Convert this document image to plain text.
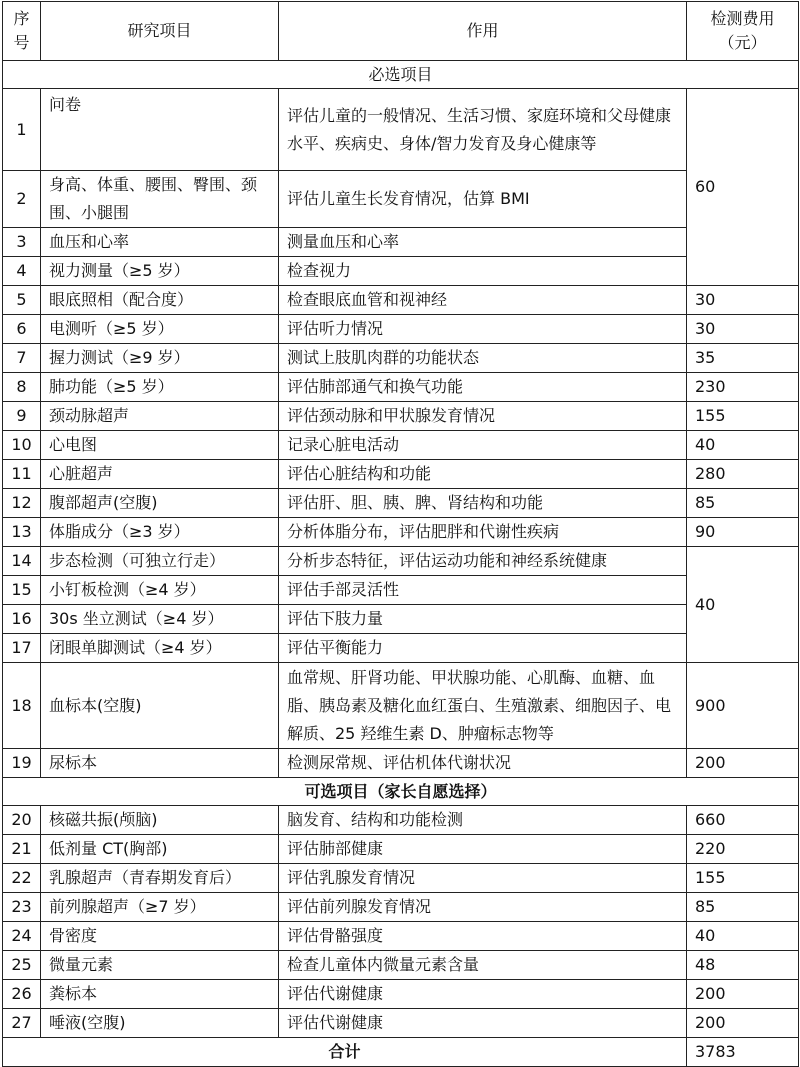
序号	研究项目	作用	检测费用（元）
必选项目			
1	问卷	评估儿童的一般情况、生活习惯、家庭环境和父母健康水平、疾病史、身体/智力发育及身心健康等	60
2	身高、体重、腰围、臀围、颈围、小腿围	评估儿童生长发育情况，估算 BMI	
3	血压和心率	测量血压和心率	
4	视力测量（≥5 岁）	检查视力	
5	眼底照相（配合度）	检查眼底血管和视神经	30
6	电测听（≥5 岁）	评估听力情况	30
7	握力测试（≥9 岁）	测试上肢肌肉群的功能状态	35
8	肺功能（≥5 岁）	评估肺部通气和换气功能	230
9	颈动脉超声	评估颈动脉和甲状腺发育情况	155
10	心电图	记录心脏电活动	40
11	心脏超声	评估心脏结构和功能	280
12	腹部超声(空腹)	评估肝、胆、胰、脾、肾结构和功能	85
13	体脂成分（≥3 岁）	分析体脂分布，评估肥胖和代谢性疾病	90
14	步态检测（可独立行走）	分析步态特征，评估运动功能和神经系统健康	40
15	小钉板检测（≥4 岁）	评估手部灵活性	
16	30s 坐立测试（≥4 岁）	评估下肢力量	
17	闭眼单脚测试（≥4 岁）	评估平衡能力	
18	血标本(空腹)	血常规、肝肾功能、甲状腺功能、心肌酶、血糖、血脂、胰岛素及糖化血红蛋白、生殖激素、细胞因子、电解质、25 羟维生素 D、肿瘤标志物等	900
19	尿标本	检测尿常规、评估机体代谢状况	200
可选项目（家长自愿选择）			
20	核磁共振(颅脑)	脑发育、结构和功能检测	660
21	低剂量 CT(胸部)	评估肺部健康	220
22	乳腺超声（青春期发育后）	评估乳腺发育情况	155
23	前列腺超声（≥7 岁）	评估前列腺发育情况	85
24	骨密度	评估骨骼强度	40
25	微量元素	检查儿童体内微量元素含量	48
26	粪标本	评估代谢健康	200
27	唾液(空腹)	评估代谢健康	200
合计			3783
